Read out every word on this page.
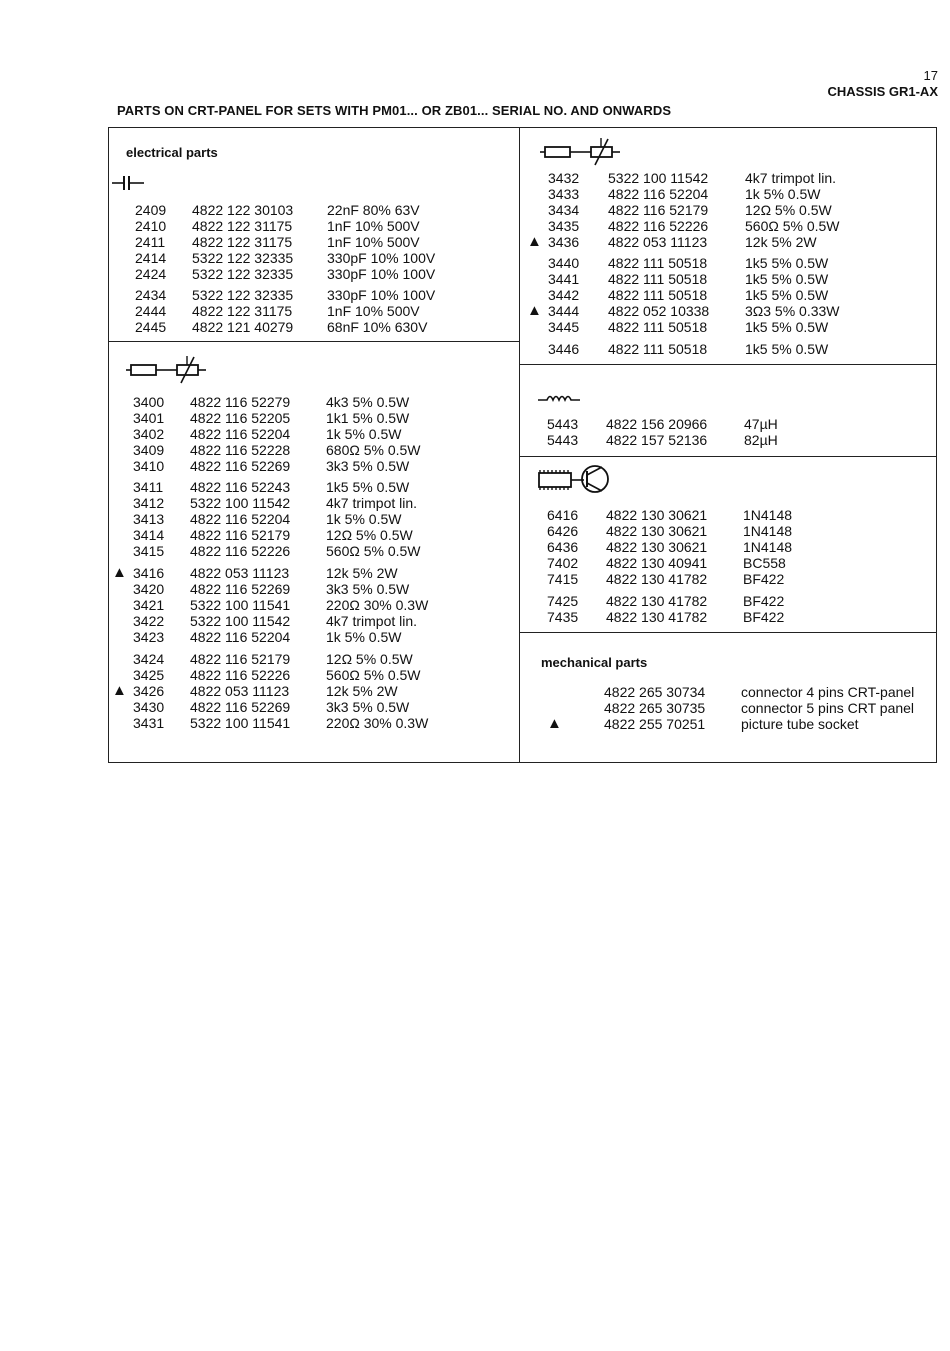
17
CHASSIS GR1-AX
PARTS ON CRT-PANEL FOR SETS WITH PM01... OR ZB01... SERIAL NO. AND ONWARDS
electrical parts
mechanical parts
2409 4822 122 30103 22nF 80% 63V
2410 4822 122 31175 1nF 10% 500V
2411 4822 122 31175 1nF 10% 500V
2414 5322 122 32335 330pF 10% 100V
2424 5322 122 32335 330pF 10% 100V
2434 5322 122 32335 330pF 10% 100V
2444 4822 122 31175 1nF 10% 500V
2445 4822 121 40279 68nF 10% 630V
3400 4822 116 52279	4k3 5% 0.5W
3401 4822 116 52205	1k1 5% 0.5W
3402 4822 116 52204	1k 5% 0.5W
3409 4822 116 52228	680Ω 5% 0.5W
3410 4822 116 52269	3k3 5% 0.5W
3411 4822 116 52243	1k5 5% 0.5W
3412 5322 100 11542	4k7 trimpot lin.
3413 4822 116 52204	1k 5% 0.5W
3414 4822 116 52179	12Ω 5% 0.5W
3415 4822 116 52226	560Ω 5% 0.5W
3416 4822 053 11123	12k 5% 2W
▲
3420 4822 116 52269	3k3 5% 0.5W
3421 5322 100 11541	220Ω 30% 0.3W
3422 5322 100 11542	4k7 trimpot lin.
3423 4822 116 52204	1k 5% 0.5W
3424 4822 116 52179	12Ω 5% 0.5W
3425 4822 116 52226	560Ω 5% 0.5W
3426 4822 053 11123	12k 5% 2W
▲
3430 4822 116 52269	3k3 5% 0.5W
3431 5322 100 11541	220Ω 30% 0.3W
3432 5322 100 11542	4k7 trimpot lin.
3433 4822 116 52204	1k 5% 0.5W
3434 4822 116 52179	12Ω 5% 0.5W
3435 4822 116 52226	560Ω 5% 0.5W
3436 4822 053 11123	12k 5% 2W
▲
3440 4822 111 50518	1k5 5% 0.5W
3441 4822 111 50518	1k5 5% 0.5W
3442 4822 111 50518	1k5 5% 0.5W
3444 4822 052 10338	3Ω3 5% 0.33W
▲
3445 4822 111 50518	1k5 5% 0.5W
3446 4822 111 50518	1k5 5% 0.5W
5443 4822 156 20966	47µH
5443 4822 157 52136	82µH
6416 4822 130 30621	1N4148
6426 4822 130 30621	1N4148
6436 4822 130 30621	1N4148
7402 4822 130 40941	BC558
7415 4822 130 41782	BF422
7425 4822 130 41782	BF422
7435 4822 130 41782	BF422
4822 265 30734	connector 4 pins CRT-panel
4822 265 30735	connector 5 pins CRT panel
4822 255 70251	picture tube socket
▲
